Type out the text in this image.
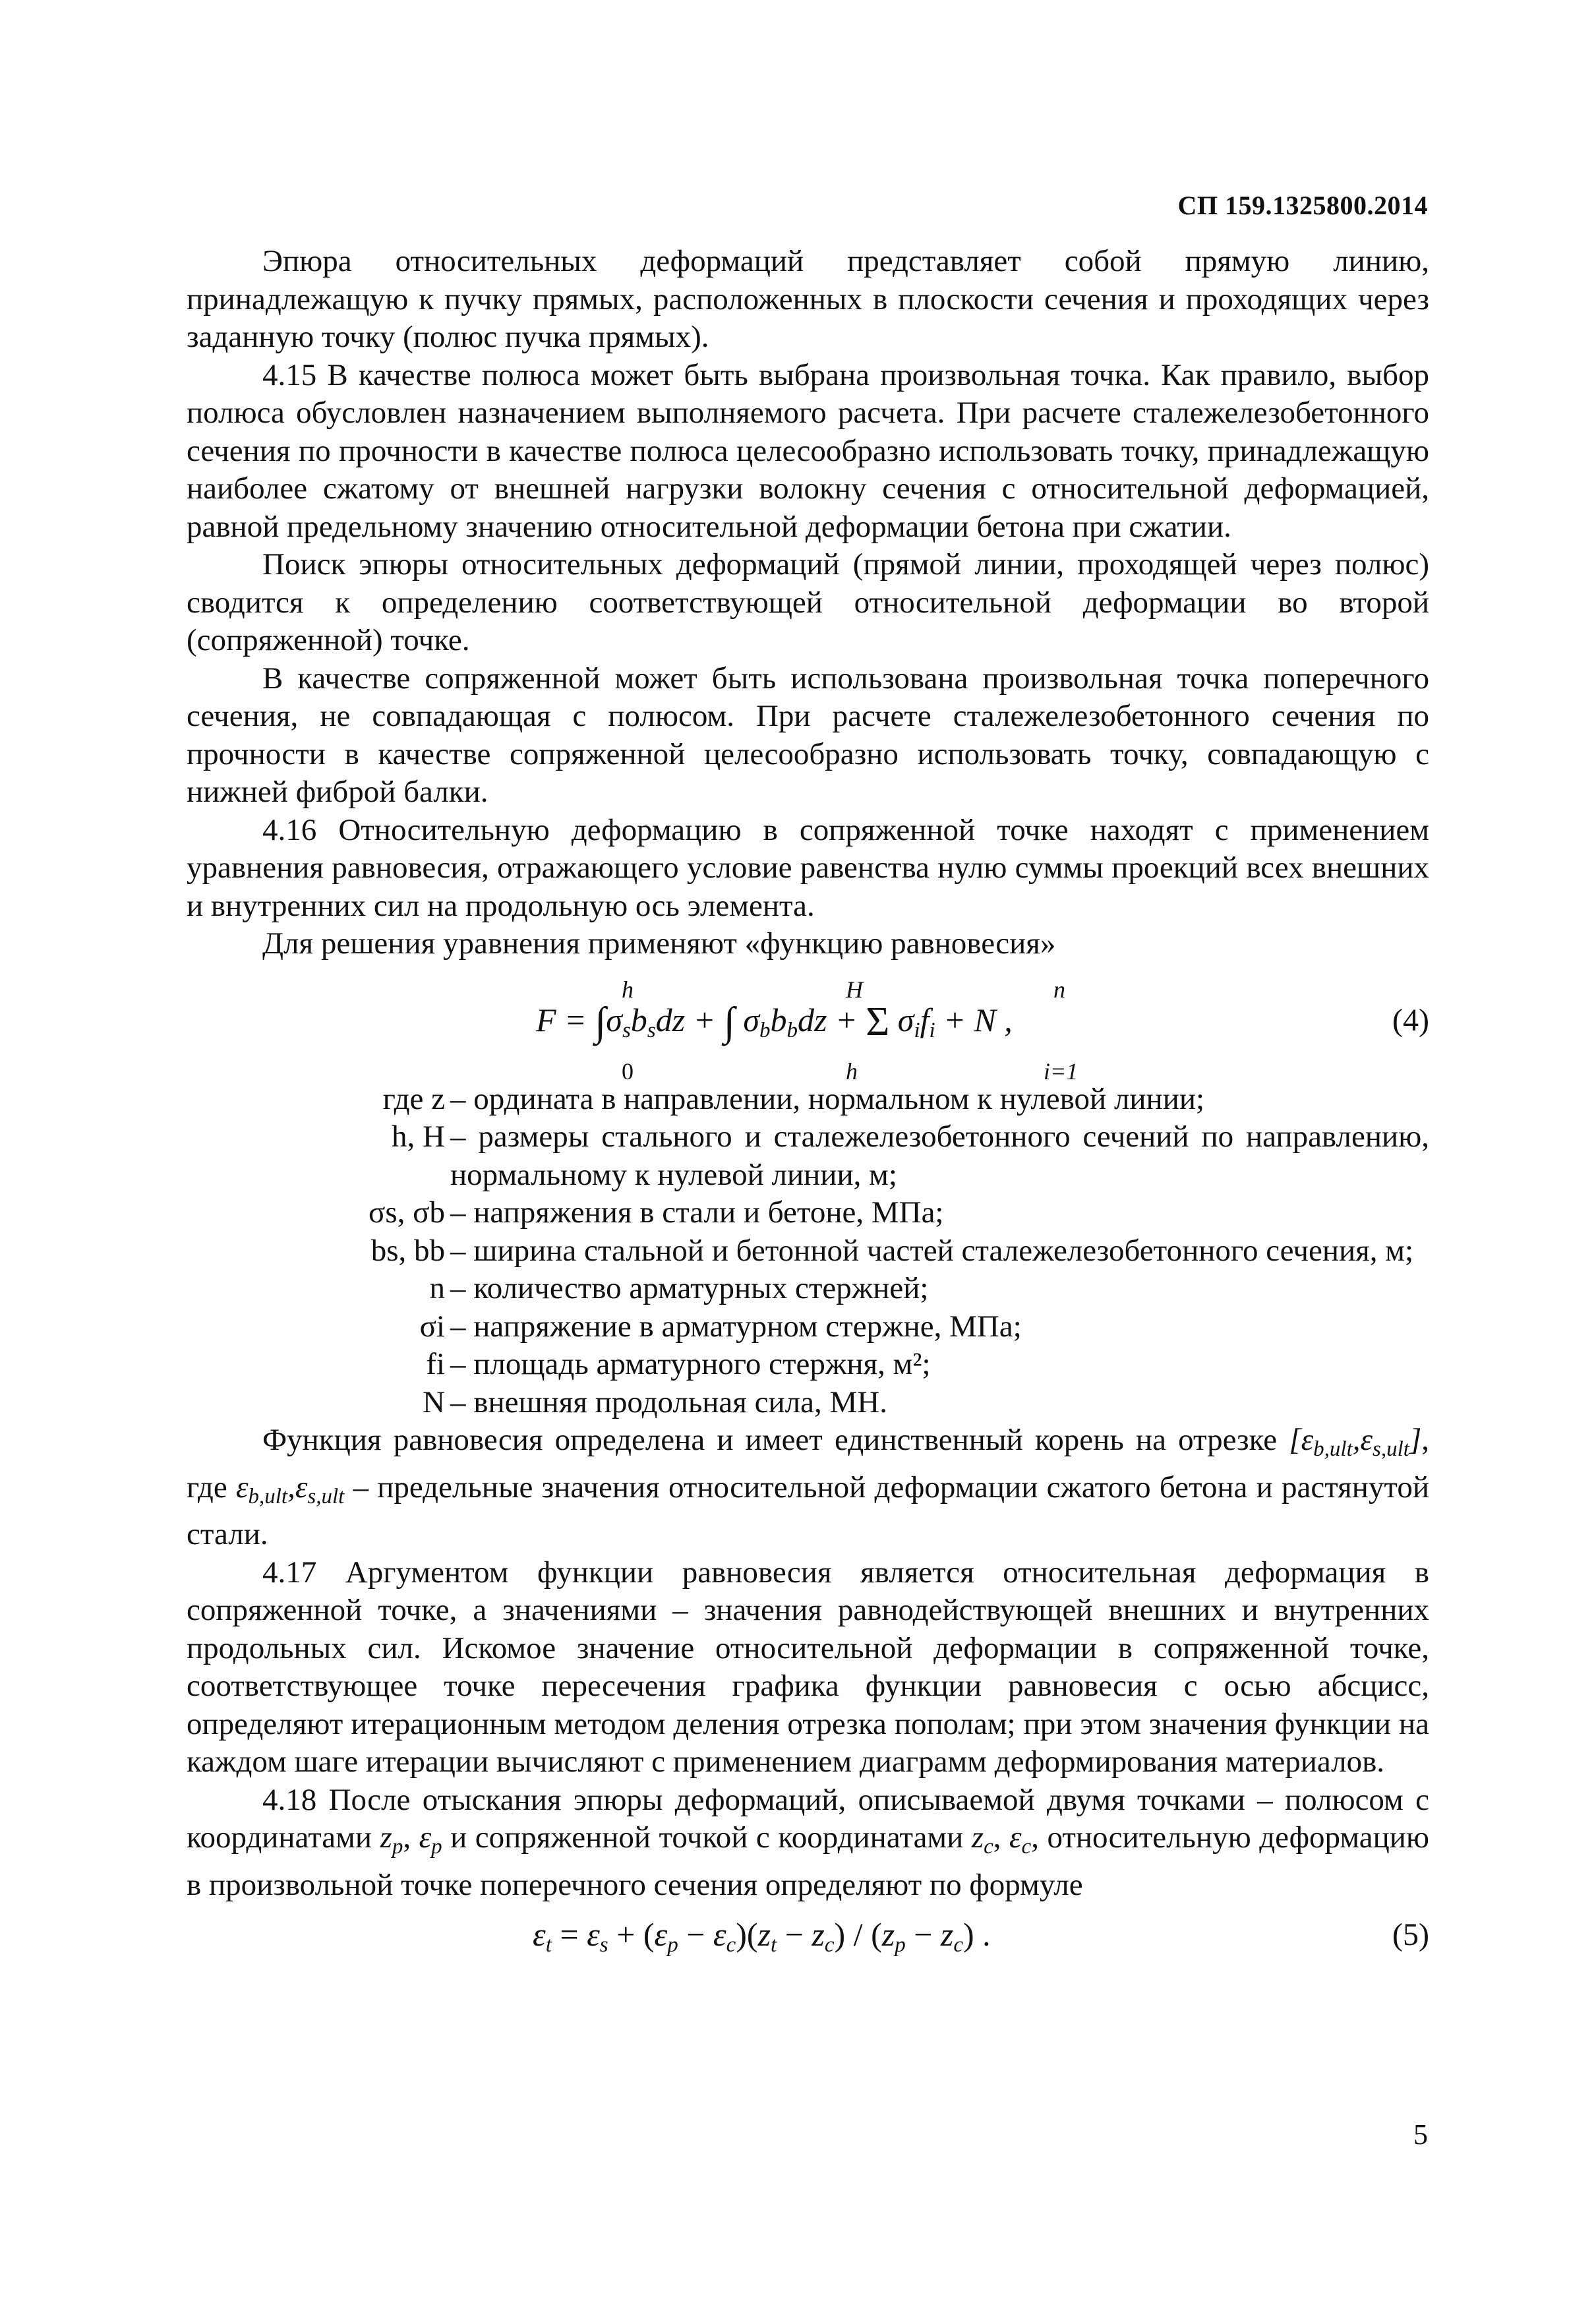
СП 159.1325800.2014

Эпюра относительных деформаций представляет собой прямую линию, принадлежащую к пучку прямых, расположенных в плоскости сечения и проходящих через заданную точку (полюс пучка прямых).

4.15 В качестве полюса может быть выбрана произвольная точка. Как правило, выбор полюса обусловлен назначением выполняемого расчета. При расчете сталежелезобетонного сечения по прочности в качестве полюса целесообразно использовать точку, принадлежащую наиболее сжатому от внешней нагрузки волокну сечения с относительной деформацией, равной предельному значению относительной деформации бетона при сжатии.

Поиск эпюры относительных деформаций (прямой линии, проходящей через полюс) сводится к определению соответствующей относительной деформации во второй (сопряженной) точке.

В качестве сопряженной может быть использована произвольная точка поперечного сечения, не совпадающая с полюсом. При расчете сталежелезобетонного сечения по прочности в качестве сопряженной целесообразно использовать точку, совпадающую с нижней фиброй балки.

4.16 Относительную деформацию в сопряженной точке находят с применением уравнения равновесия, отражающего условие равенства нулю суммы проекций всех внешних и внутренних сил на продольную ось элемента.

Для решения уравнения применяют «функцию равновесия»

h
0
H
h
n
i=1
$F = \int\sigma_sb_sdz$ + ∫ $\sigma_bb_bdz + \Sigma$ $\sigma_if_i + N$ ,	(4)
где z – ордината в направлении, нормальном к нулевой линии;
h, H – размеры стального и сталежелезобетонного сечений по направлению, нормальному к нулевой линии, м;
σs, σb – напряжения в стали и бетоне, МПа;
bs, bb – ширина стальной и бетонной частей сталежелезобетонного сечения, м;
n – количество арматурных стержней;
σi – напряжение в арматурном стержне, МПа;
fi – площадь арматурного стержня, м²;
N – внешняя продольная сила, МН.

Функция равновесия определена и имеет единственный корень на отрезке $[\varepsilon_{b,ult},\varepsilon_{s,ult}]$, где $\varepsilon_{b,ult},\varepsilon_{s,ult}$ – предельные значения относительной деформации сжатого бетона и растянутой стали.

4.17 Аргументом функции равновесия является относительная деформация в сопряженной точке, а значениями – значения равнодействующей внешних и внутренних продольных сил. Искомое значение относительной деформации в сопряженной точке, соответствующее точке пересечения графика функции равновесия с осью абсцисс, определяют итерационным методом деления отрезка пополам; при этом значения функции на каждом шаге итерации вычисляют с применением диаграмм деформирования материалов.

4.18 После отыскания эпюры деформаций, описываемой двумя точками – полюсом с координатами $z_p$, $\varepsilon_p$ и сопряженной точкой с координатами $z_c$, $\varepsilon_c$, относительную деформацию в произвольной точке поперечного сечения определяют по формуле

$\varepsilon_t = \varepsilon_s + (\varepsilon_p - \varepsilon_c)(z_t - z_c) / (z_p - z_c)$ .	(5)
5
